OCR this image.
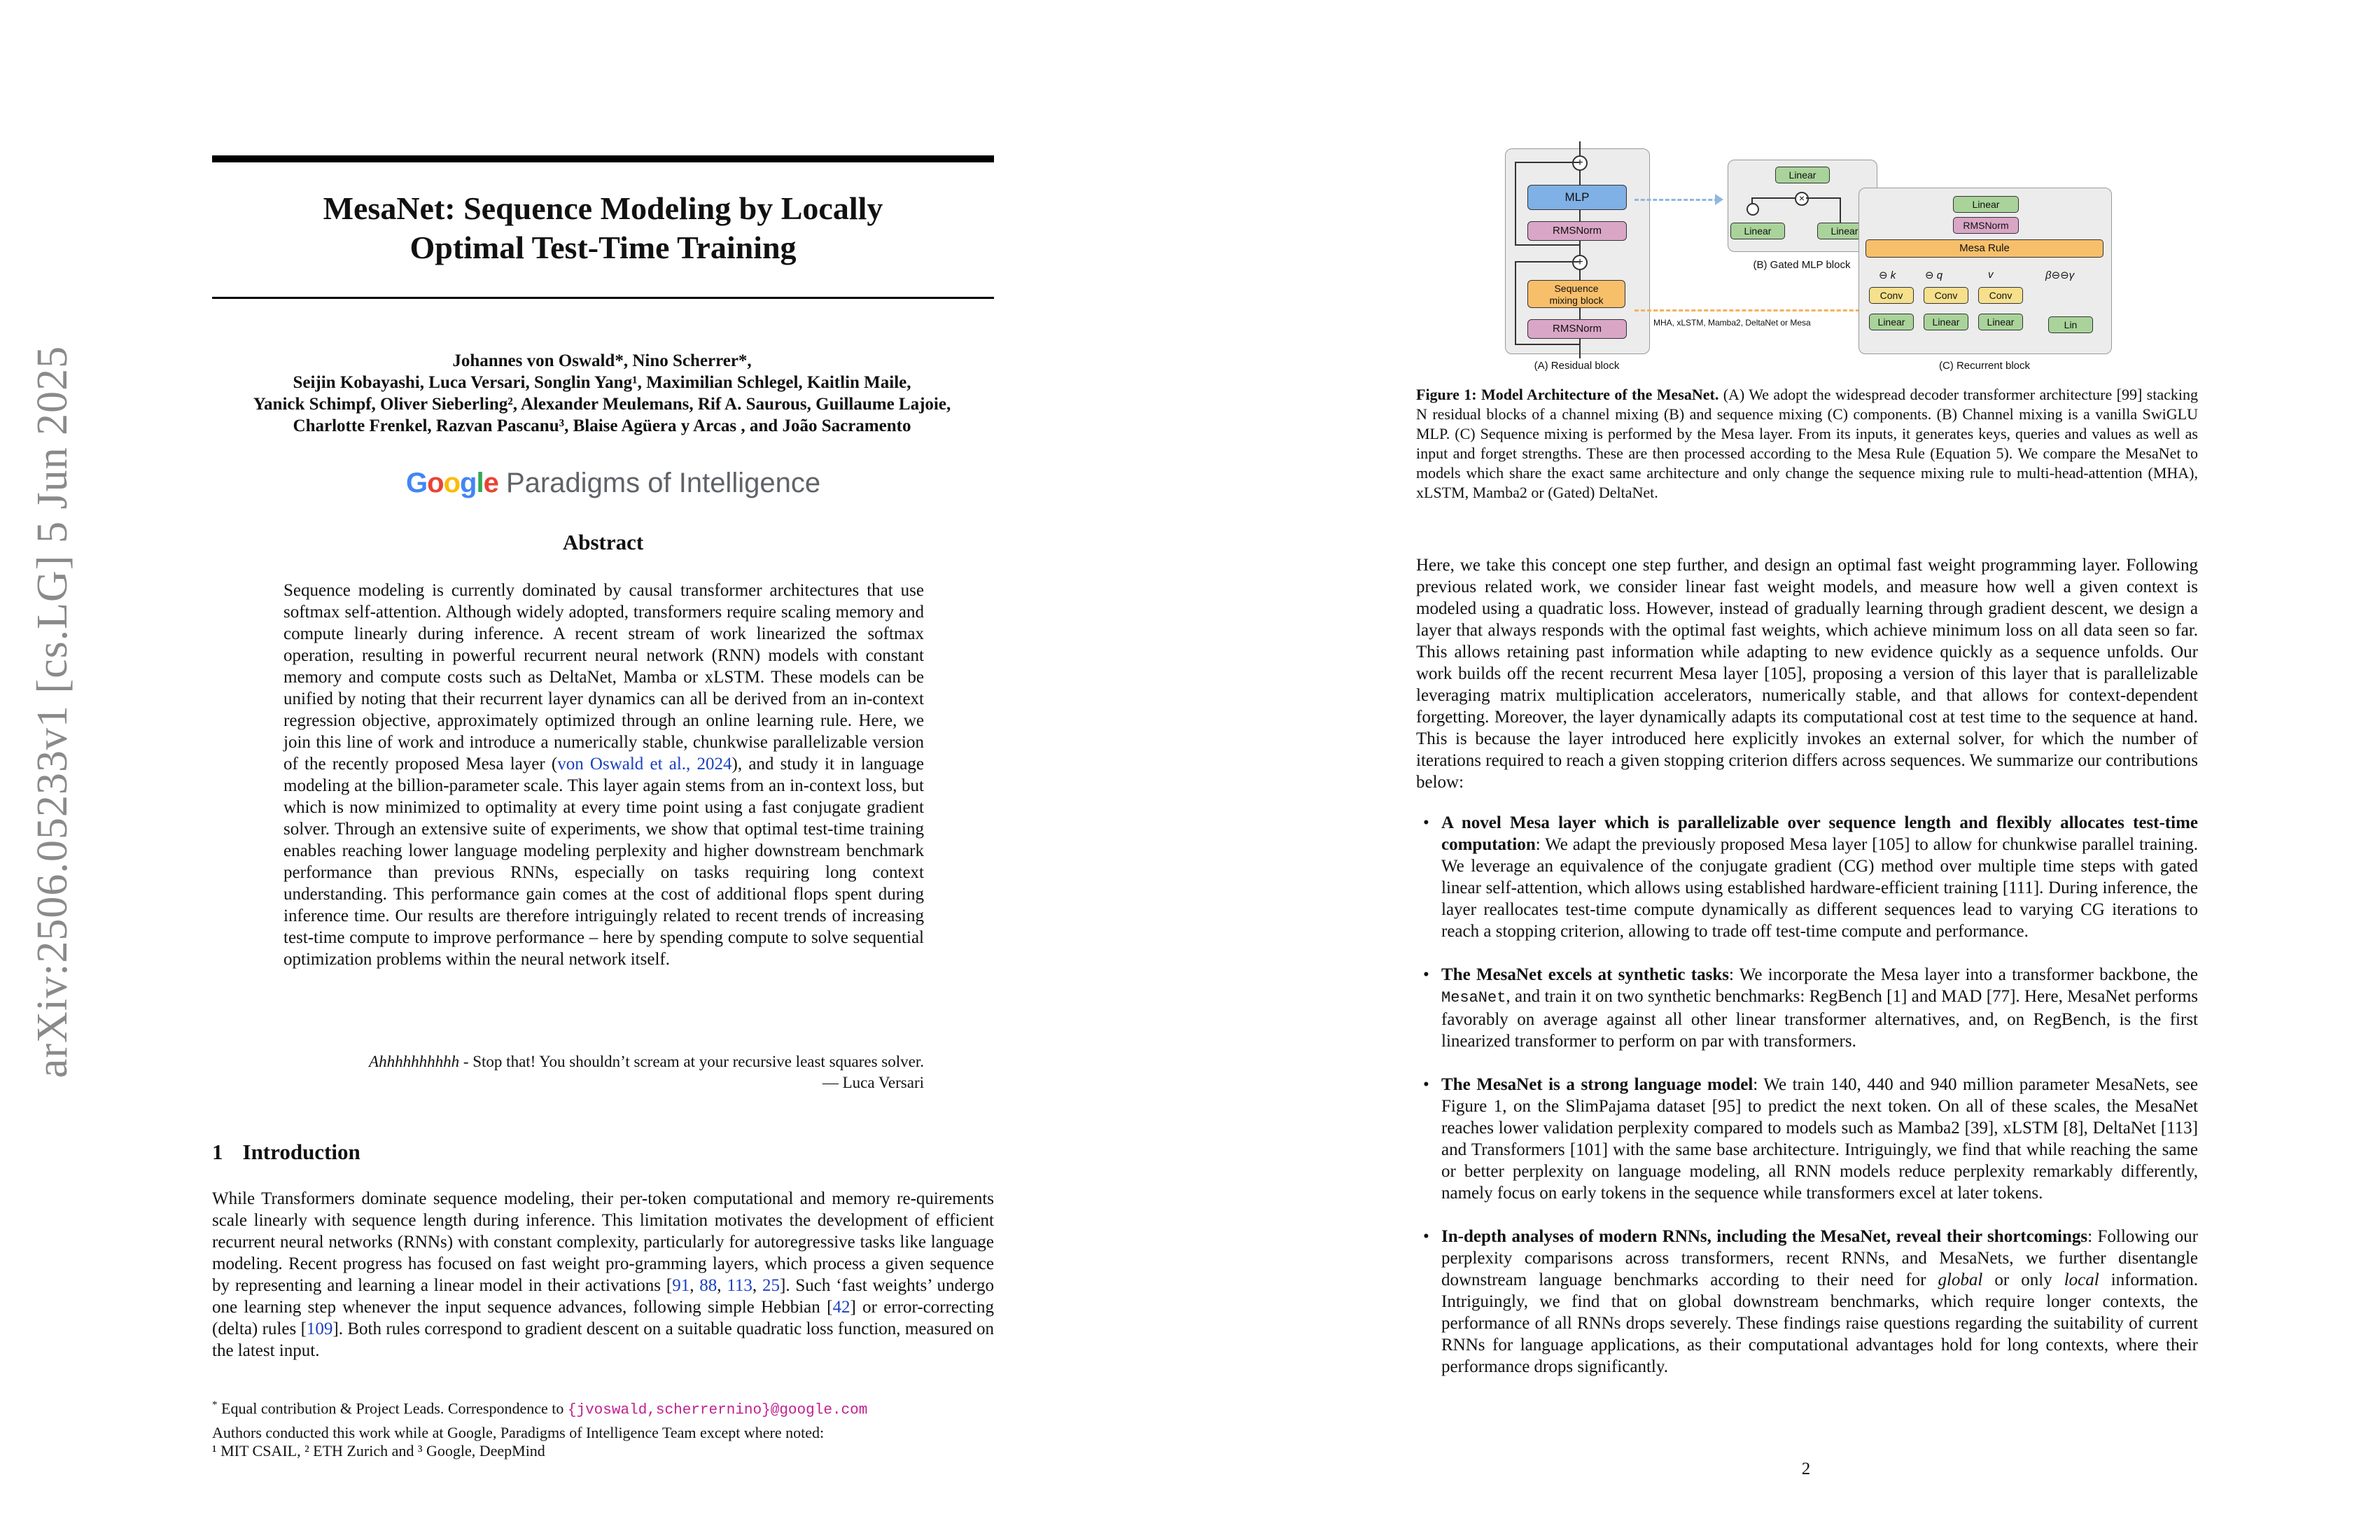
arXiv:2506.05233v1 [cs.LG] 5 Jun 2025
MesaNet: Sequence Modeling by Locally
Optimal Test-Time Training
Johannes von Oswald*, Nino Scherrer*,
Seijin Kobayashi, Luca Versari, Songlin Yang¹, Maximilian Schlegel, Kaitlin Maile,
Yanick Schimpf, Oliver Sieberling², Alexander Meulemans, Rif A. Saurous, Guillaume Lajoie,
Charlotte Frenkel, Razvan Pascanu³, Blaise Agüera y Arcas , and João Sacramento
Google Paradigms of Intelligence
Abstract

Sequence modeling is currently dominated by causal transformer architectures that use softmax self-attention. Although widely adopted, transformers require scaling memory and compute linearly during inference. A recent stream of work linearized the softmax operation, resulting in powerful recurrent neural network (RNN) models with constant memory and compute costs such as DeltaNet, Mamba or xLSTM. These models can be unified by noting that their recurrent layer dynamics can all be derived from an in-context regression objective, approximately optimized through an online learning rule. Here, we join this line of work and introduce a numerically stable, chunkwise parallelizable version of the recently proposed Mesa layer (von Oswald et al., 2024), and study it in language modeling at the billion-parameter scale. This layer again stems from an in-context loss, but which is now minimized to optimality at every time point using a fast conjugate gradient solver. Through an extensive suite of experiments, we show that optimal test-time training enables reaching lower language modeling perplexity and higher downstream benchmark performance than previous RNNs, especially on tasks requiring long context understanding. This performance gain comes at the cost of additional flops spent during inference time. Our results are therefore intriguingly related to recent trends of increasing test-time compute to improve performance – here by spending compute to solve sequential optimization problems within the neural network itself.

Ahhhhhhhhhh - Stop that! You shouldn’t scream at your recursive least squares solver.
— Luca Versari
1 Introduction

While Transformers dominate sequence modeling, their per-token computational and memory re-quirements scale linearly with sequence length during inference. This limitation motivates the development of efficient recurrent neural networks (RNNs) with constant complexity, particularly for autoregressive tasks like language modeling. Recent progress has focused on fast weight pro-gramming layers, which process a given sequence by representing and learning a linear model in their activations [91, 88, 113, 25]. Such ‘fast weights’ undergo one learning step whenever the input sequence advances, following simple Hebbian [42] or error-correcting (delta) rules [109]. Both rules correspond to gradient descent on a suitable quadratic loss function, measured on the latest input.

* Equal contribution & Project Leads. Correspondence to {jvoswald,scherrernino}@google.com
Authors conducted this work while at Google, Paradigms of Intelligence Team except where noted:
¹ MIT CSAIL, ² ETH Zurich and ³ Google, DeepMind
+
+
MLP
RMSNorm
Sequence
mixing block
RMSNorm
(A) Residual block
MHA, xLSTM, Mamba2, DeltaNet or Mesa
Linear
×
Linear	Linear
(B) Gated MLP block
Linear
RMSNorm
Mesa Rule
⊖ k	⊖ q	v	β⊖⊖γ
Conv	Conv	Conv
Linear	Linear	Linear	Lin
(C) Recurrent block

Figure 1: Model Architecture of the MesaNet. (A) We adopt the widespread decoder transformer architecture [99] stacking N residual blocks of a channel mixing (B) and sequence mixing (C) components. (B) Channel mixing is a vanilla SwiGLU MLP. (C) Sequence mixing is performed by the Mesa layer. From its inputs, it generates keys, queries and values as well as input and forget strengths. These are then processed according to the Mesa Rule (Equation 5). We compare the MesaNet to models which share the exact same architecture and only change the sequence mixing rule to multi-head-attention (MHA), xLSTM, Mamba2 or (Gated) DeltaNet.

Here, we take this concept one step further, and design an optimal fast weight programming layer. Following previous related work, we consider linear fast weight models, and measure how well a given context is modeled using a quadratic loss. However, instead of gradually learning through gradient descent, we design a layer that always responds with the optimal fast weights, which achieve minimum loss on all data seen so far. This allows retaining past information while adapting to new evidence quickly as a sequence unfolds. Our work builds off the recent recurrent Mesa layer [105], proposing a version of this layer that is parallelizable leveraging matrix multiplication accelerators, numerically stable, and that allows for context-dependent forgetting. Moreover, the layer dynamically adapts its computational cost at test time to the sequence at hand. This is because the layer introduced here explicitly invokes an external solver, for which the number of iterations required to reach a given stopping criterion differs across sequences. We summarize our contributions below:

• A novel Mesa layer which is parallelizable over sequence length and flexibly allocates test-time computation: We adapt the previously proposed Mesa layer [105] to allow for chunkwise parallel training. We leverage an equivalence of the conjugate gradient (CG) method over multiple time steps with gated linear self-attention, which allows using established hardware-efficient training [111]. During inference, the layer reallocates test-time compute dynamically as different sequences lead to varying CG iterations to reach a stopping criterion, allowing to trade off test-time compute and performance.

• The MesaNet excels at synthetic tasks: We incorporate the Mesa layer into a transformer backbone, the MesaNet, and train it on two synthetic benchmarks: RegBench [1] and MAD [77]. Here, MesaNet performs favorably on average against all other linear transformer alternatives, and, on RegBench, is the first linearized transformer to perform on par with transformers.

• The MesaNet is a strong language model: We train 140, 440 and 940 million parameter MesaNets, see Figure 1, on the SlimPajama dataset [95] to predict the next token. On all of these scales, the MesaNet reaches lower validation perplexity compared to models such as Mamba2 [39], xLSTM [8], DeltaNet [113] and Transformers [101] with the same base architecture. Intriguingly, we find that while reaching the same or better perplexity on language modeling, all RNN models reduce perplexity remarkably differently, namely focus on early tokens in the sequence while transformers excel at later tokens.

• In-depth analyses of modern RNNs, including the MesaNet, reveal their shortcomings: Following our perplexity comparisons across transformers, recent RNNs, and MesaNets, we further disentangle downstream language benchmarks according to their need for global or only local information. Intriguingly, we find that on global downstream benchmarks, which require longer contexts, the performance of all RNNs drops severely. These findings raise questions regarding the suitability of current RNNs for language applications, as their computational advantages hold for long contexts, where their performance drops significantly.

2
